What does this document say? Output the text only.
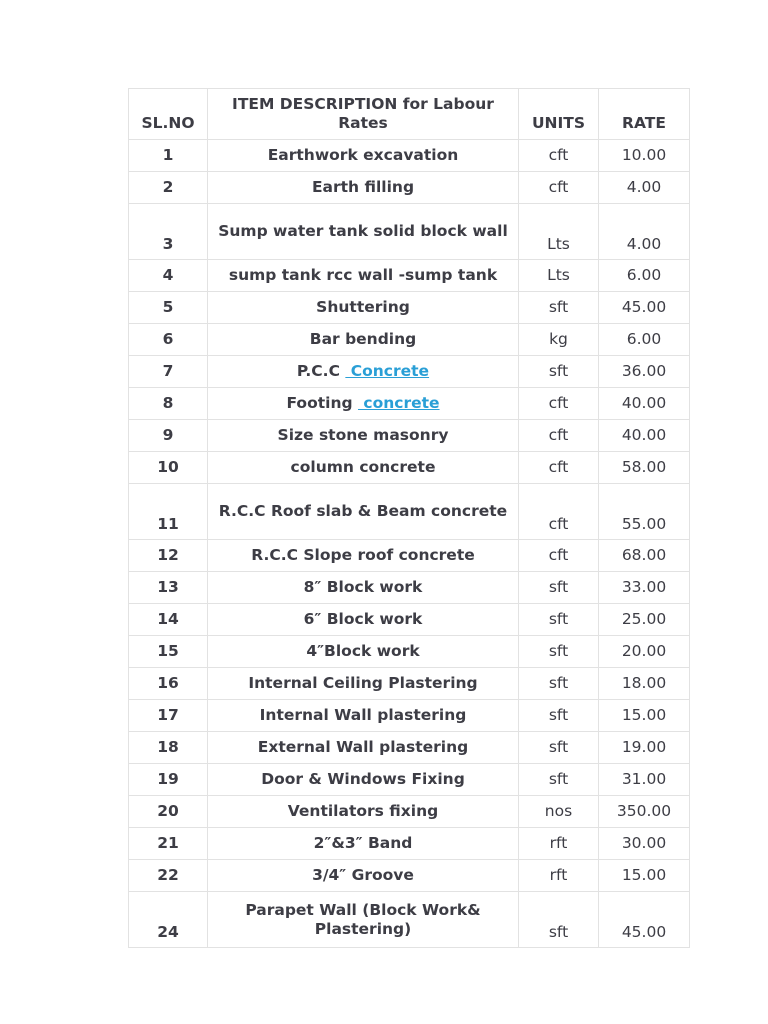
SL.NO	ITEM DESCRIPTION for Labour Rates	UNITS	RATE
1	Earthwork excavation	cft	10.00
2	Earth filling	cft	4.00
3	Sump water tank solid block wall	Lts	4.00
4	sump tank rcc wall -sump tank	Lts	6.00
5	Shuttering	sft	45.00
6	Bar bending	kg	6.00
7	P.C.C  Concrete	sft	36.00
8	Footing  concrete	cft	40.00
9	Size stone masonry	cft	40.00
10	column concrete	cft	58.00
11	R.C.C Roof slab & Beam concrete	cft	55.00
12	R.C.C Slope roof concrete	cft	68.00
13	8″ Block work	sft	33.00
14	6″ Block work	sft	25.00
15	4″Block work	sft	20.00
16	Internal Ceiling Plastering	sft	18.00
17	Internal Wall plastering	sft	15.00
18	External Wall plastering	sft	19.00
19	Door & Windows Fixing	sft	31.00
20	Ventilators fixing	nos	350.00
21	2″&3″ Band	rft	30.00
22	3/4″ Groove	rft	15.00
24	Parapet Wall (Block Work& Plastering)	sft	45.00
